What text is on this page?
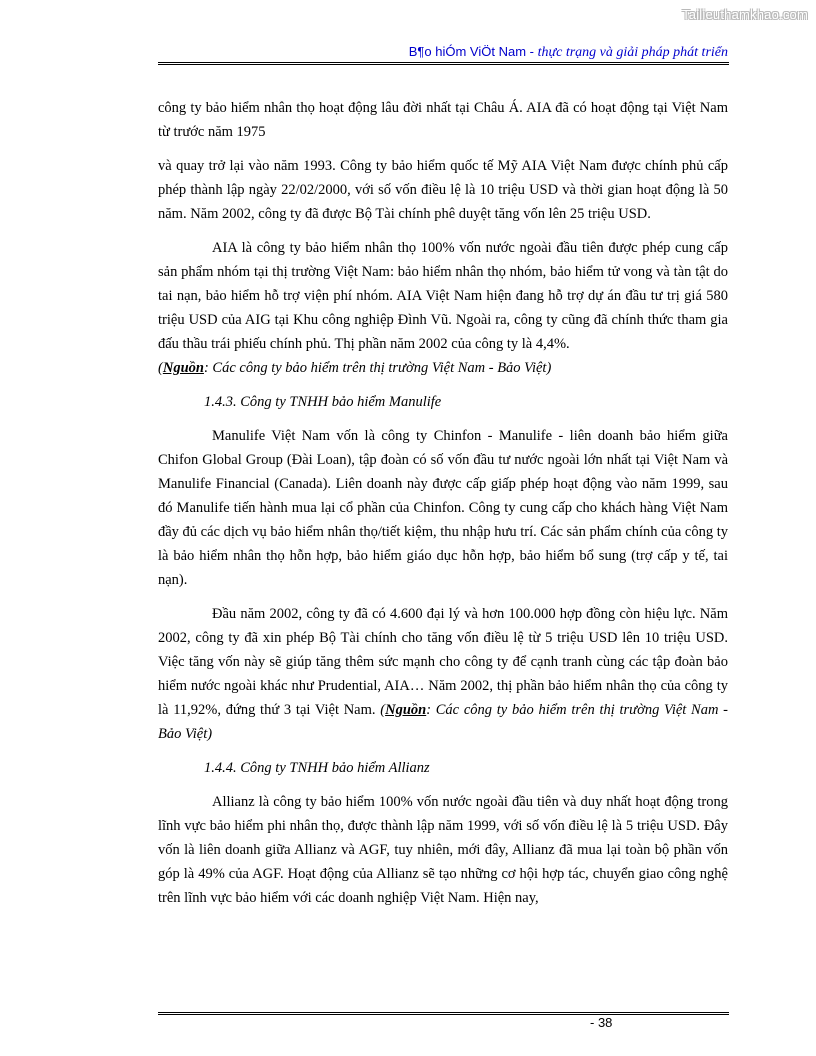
Tailieuthamkhao.com
B¶o hiÓm ViÖt Nam - thực trạng và giải pháp phát triển

công ty bảo hiểm nhân thọ hoạt động lâu đời nhất tại Châu Á. AIA đã có hoạt động tại Việt Nam từ trước năm 1975

và quay trở lại vào năm 1993. Công ty bảo hiểm quốc tế Mỹ AIA Việt Nam được chính phủ cấp phép thành lập ngày 22/02/2000, với số vốn điều lệ là 10 triệu USD và thời gian hoạt động là 50 năm. Năm 2002, công ty đã được Bộ Tài chính phê duyệt tăng vốn lên 25 triệu USD.

AIA là công ty bảo hiểm nhân thọ 100% vốn nước ngoài đầu tiên được phép cung cấp sản phẩm nhóm tại thị trường Việt Nam: bảo hiểm nhân thọ nhóm, bảo hiểm tử vong và tàn tật do tai nạn, bảo hiểm hỗ trợ viện phí nhóm. AIA Việt Nam hiện đang hỗ trợ dự án đầu tư trị giá 580 triệu USD của AIG tại Khu công nghiệp Đình Vũ. Ngoài ra, công ty cũng đã chính thức tham gia đấu thầu trái phiếu chính phủ. Thị phần năm 2002 của công ty là 4,4%.
(Nguồn: Các công ty bảo hiểm trên thị trường Việt Nam - Bảo Việt)

1.4.3. Công ty TNHH bảo hiểm Manulife

Manulife Việt Nam vốn là công ty Chinfon - Manulife - liên doanh bảo hiểm giữa Chifon Global Group (Đài Loan), tập đoàn có số vốn đầu tư nước ngoài lớn nhất tại Việt Nam và Manulife Financial (Canada). Liên doanh này được cấp giấp phép hoạt động vào năm 1999, sau đó Manulife tiến hành mua lại cổ phần của Chinfon. Công ty cung cấp cho khách hàng Việt Nam đầy đủ các dịch vụ bảo hiểm nhân thọ/tiết kiệm, thu nhập hưu trí. Các sản phẩm chính của công ty là bảo hiểm nhân thọ hỗn hợp, bảo hiểm giáo dục hỗn hợp, bảo hiểm bổ sung (trợ cấp y tế, tai nạn).

Đầu năm 2002, công ty đã có 4.600 đại lý và hơn 100.000 hợp đồng còn hiệu lực. Năm 2002, công ty đã xin phép Bộ Tài chính cho tăng vốn điều lệ từ 5 triệu USD lên 10 triệu USD. Việc tăng vốn này sẽ giúp tăng thêm sức mạnh cho công ty để cạnh tranh cùng các tập đoàn bảo hiểm nước ngoài khác như Prudential, AIA… Năm 2002, thị phần bảo hiểm nhân thọ của công ty là 11,92%, đứng thứ 3 tại Việt Nam. (Nguồn: Các công ty bảo hiểm trên thị trường Việt Nam - Bảo Việt)

1.4.4. Công ty TNHH bảo hiểm Allianz

Allianz là công ty bảo hiểm 100% vốn nước ngoài đầu tiên và duy nhất hoạt động trong lĩnh vực bảo hiểm phi nhân thọ, được thành lập năm 1999, với số vốn điều lệ là 5 triệu USD. Đây vốn là liên doanh giữa Allianz và AGF, tuy nhiên, mới đây, Allianz đã mua lại toàn bộ phần vốn góp là 49% của AGF. Hoạt động của Allianz sẽ tạo những cơ hội hợp tác, chuyển giao công nghệ trên lĩnh vực bảo hiểm với các doanh nghiệp Việt Nam. Hiện nay,

- 38
